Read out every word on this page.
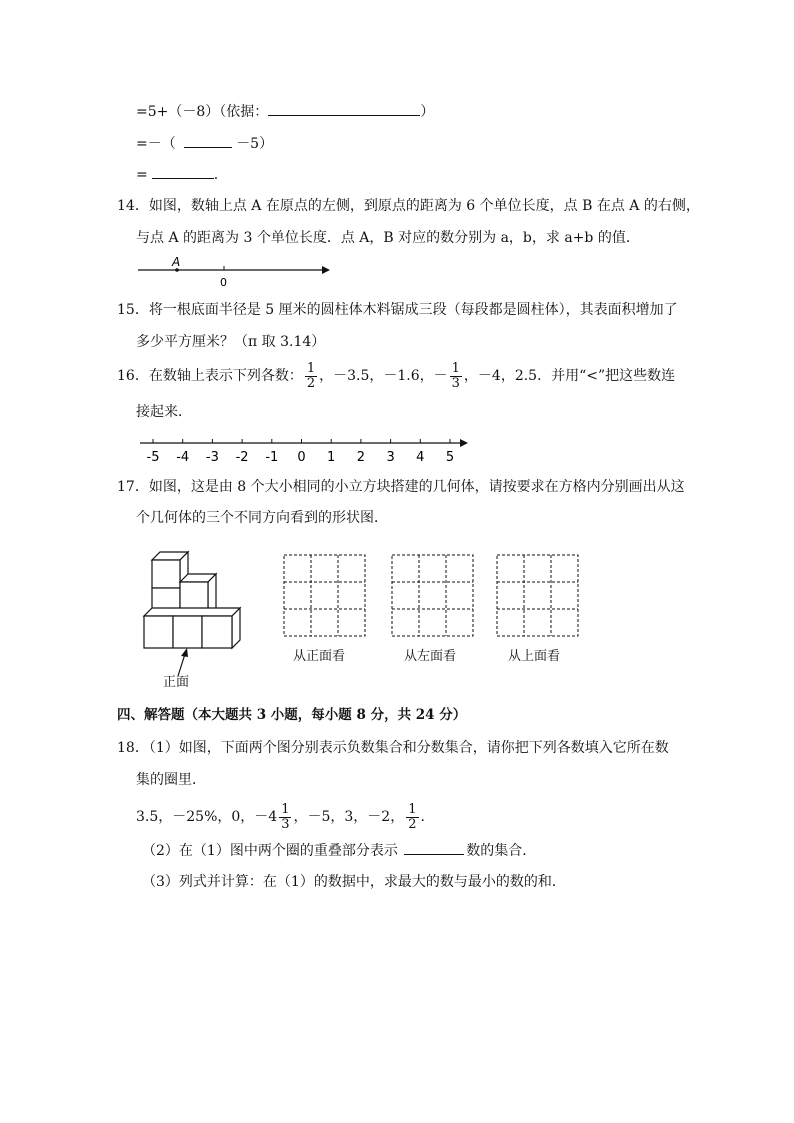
=5+（－8）（依据：	）
=－（	－5）
=	.
14．如图，数轴上点 A 在原点的左侧，到原点的距离为 6 个单位长度，点 B 在点 A 的右侧，
与点 A 的距离为 3 个单位长度．点 A，B 对应的数分别为 a，b，求 a+b 的值．
A
0
15．将一根底面半径是 5 厘米的圆柱体木料锯成三段（每段都是圆柱体），其表面积增加了
多少平方厘米？（π 取 3.14）
16．在数轴上表示下列各数： $\frac{1}{2}$ ，－3.5，－1.6，－ $\frac{1}{3}$ ，－4，2.5．并用“<”把这些数连
接起来．
-5 -4 -3 -2 -1 0 1 2 3 4 5
17．如图，这是由 8 个大小相同的小立方块搭建的几何体，请按要求在方格内分别画出从这
个几何体的三个不同方向看到的形状图．
正面
从正面看	从左面看	从上面看
四、解答题（本大题共 3 小题，每小题 8 分，共 24 分）
18．（1）如图，下面两个图分别表示负数集合和分数集合，请你把下列各数填入它所在数
集的圈里．
3.5，－25%，0，$-4 \frac{1}{3}$ ，－5，3，－2， $\frac{1}{2}$ ．
（2）在（1）图中两个圈的重叠部分表示	数的集合．
（3）列式并计算：在（1）的数据中，求最大的数与最小的数的和．
